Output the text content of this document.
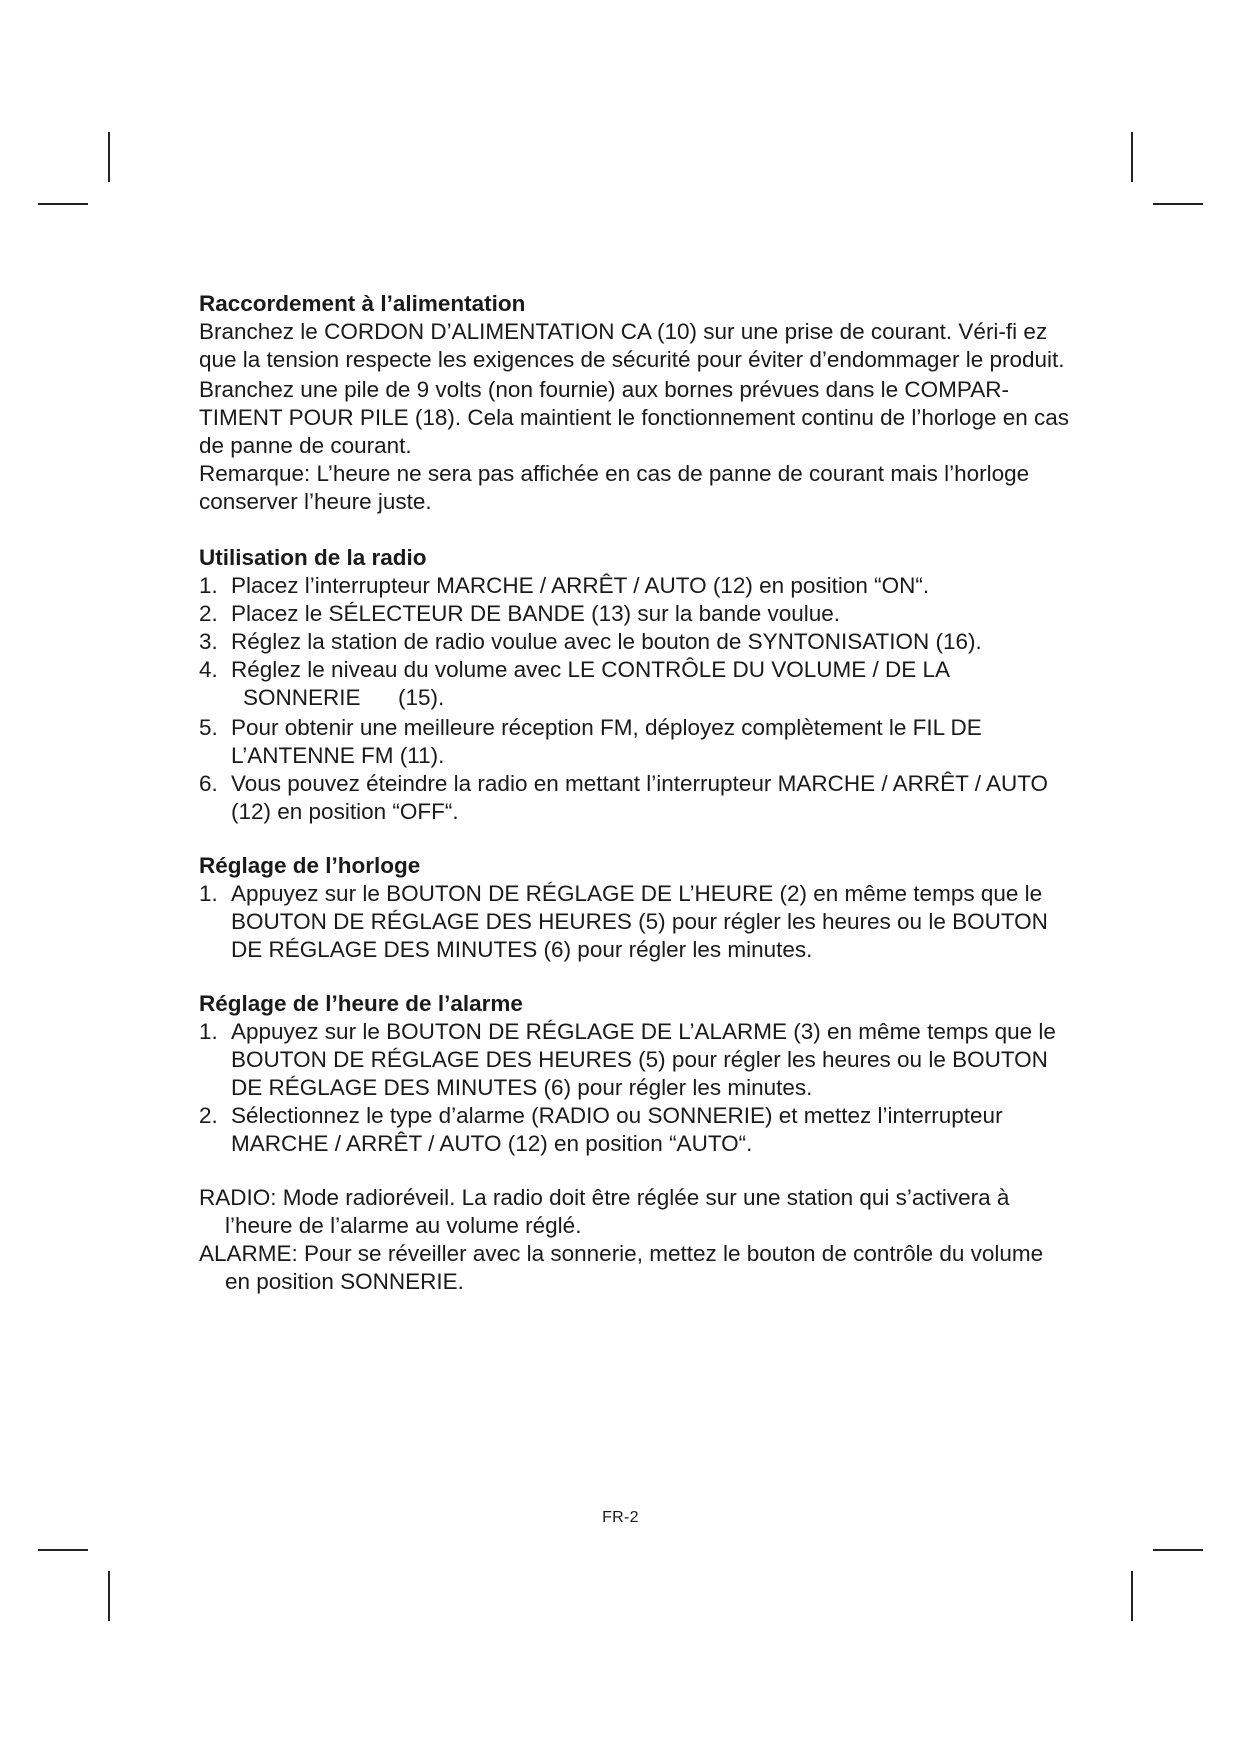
Raccordement à l’alimentation

Branchez le CORDON D’ALIMENTATION CA (10) sur une prise de courant. Véri-fi ez que la tension respecte les exigences de sécurité pour éviter d’endommager le produit.

Branchez une pile de 9 volts (non fournie) aux bornes prévues dans le COMPAR-TIMENT POUR PILE (18). Cela maintient le fonctionnement continu de l’horloge en cas de panne de courant.

Remarque: L’heure ne sera pas affichée en cas de panne de courant mais l’horloge conserver l’heure juste.

Utilisation de la radio

1. Placez l’interrupteur MARCHE / ARRÊT / AUTO (12) en position “ON“.
2. Placez le SÉLECTEUR DE BANDE (13) sur la bande voulue.
3. Réglez la station de radio voulue avec le bouton de SYNTONISATION (16).
4. Réglez le niveau du volume avec LE CONTRÔLE DU VOLUME / DE LA
SONNERIE      (15).
5. Pour obtenir une meilleure réception FM, déployez complètement le FIL DE L’ANTENNE FM (11).
6. Vous pouvez éteindre la radio en mettant l’interrupteur MARCHE / ARRÊT / AUTO (12) en position “OFF“.

Réglage de l’horloge

1. Appuyez sur le BOUTON DE RÉGLAGE DE L’HEURE (2) en même temps que le BOUTON DE RÉGLAGE DES HEURES (5) pour régler les heures ou le BOUTON DE RÉGLAGE DES MINUTES (6) pour régler les minutes.

Réglage de l’heure de l’alarme

1. Appuyez sur le BOUTON DE RÉGLAGE DE L’ALARME (3) en même temps que le BOUTON DE RÉGLAGE DES HEURES (5) pour régler les heures ou le BOUTON DE RÉGLAGE DES MINUTES (6) pour régler les minutes.
2. Sélectionnez le type d’alarme (RADIO ou SONNERIE) et mettez l’interrupteur MARCHE / ARRÊT / AUTO (12) en position “AUTO“.

RADIO: Mode radioréveil. La radio doit être réglée sur une station qui s’activera à l’heure de l’alarme au volume réglé.

ALARME: Pour se réveiller avec la sonnerie, mettez le bouton de contrôle du volume en position SONNERIE.

FR-2
